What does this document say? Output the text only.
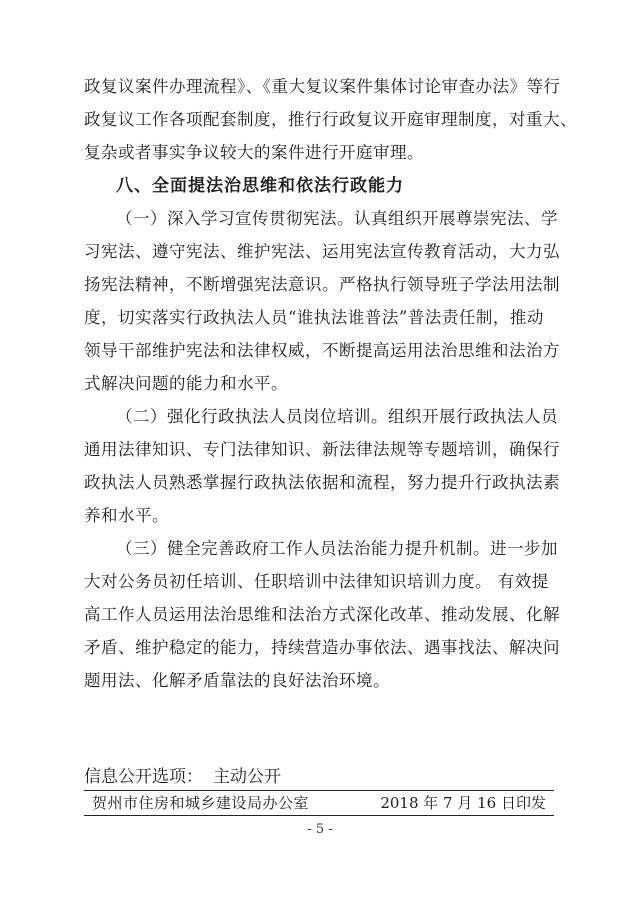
政复议案件办理流程》、《重大复议案件集体讨论审查办法》等行
政复议工作各项配套制度，推行行政复议开庭审理制度，对重大、
复杂或者事实争议较大的案件进行开庭审理。
八、全面提法治思维和依法行政能力
（一）深入学习宣传贯彻宪法。认真组织开展尊崇宪法、学
习宪法、遵守宪法、维护宪法、运用宪法宣传教育活动，大力弘
扬宪法精神，不断增强宪法意识。严格执行领导班子学法用法制
度，切实落实行政执法人员“谁执法谁普法”普法责任制，推动
领导干部维护宪法和法律权威，不断提高运用法治思维和法治方
式解决问题的能力和水平。
（二）强化行政执法人员岗位培训。组织开展行政执法人员
通用法律知识、专门法律知识、新法律法规等专题培训，确保行
政执法人员熟悉掌握行政执法依据和流程，努力提升行政执法素
养和水平。
（三）健全完善政府工作人员法治能力提升机制。进一步加
大对公务员初任培训、任职培训中法律知识培训力度。 有效提
高工作人员运用法治思维和法治方式深化改革、推动发展、化解
矛盾、维护稳定的能力，持续营造办事依法、遇事找法、解决问
题用法、化解矛盾靠法的良好法治环境。
信息公开选项： 主动公开
贺州市住房和城乡建设局办公室	2018 年 7 月 16 日印发
- 5 -
